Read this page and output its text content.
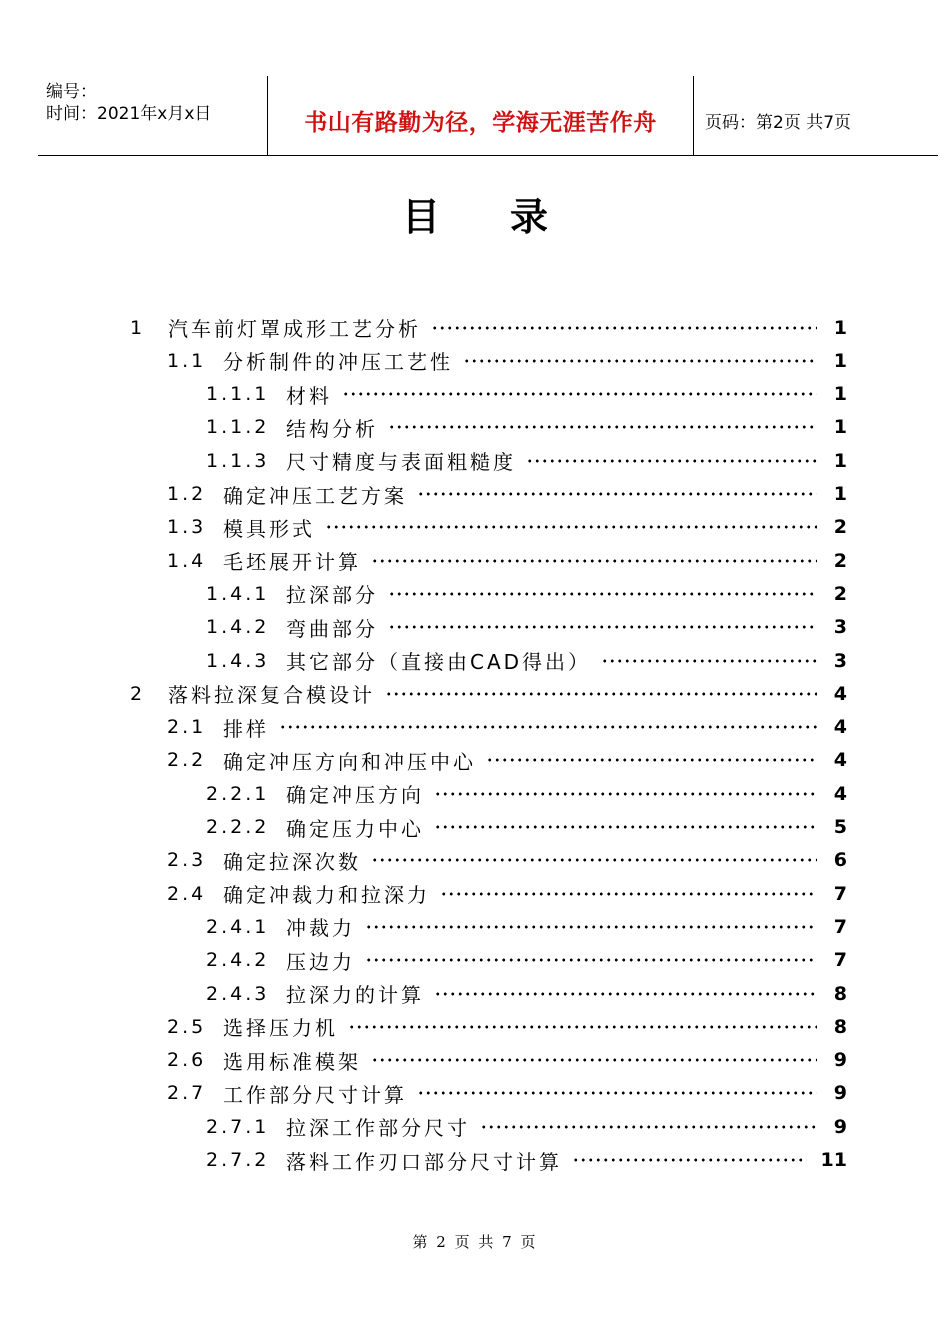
编号：
时间：2021年x月x日	书山有路勤为径，学海无涯苦作舟	页码：第2页 共7页
目录
1	汽车前灯罩成形工艺分析	1
1.1 分析制件的冲压工艺性	1
1.1.1 材料	1
1.1.2 结构分析	1
1.1.3 尺寸精度与表面粗糙度	1
1.2 确定冲压工艺方案	1
1.3 模具形式	2
1.4 毛坯展开计算	2
1.4.1 拉深部分	2
1.4.2 弯曲部分	3
1.4.3 其它部分（直接由CAD得出）	3
2	落料拉深复合模设计	4
2.1 排样	4
2.2 确定冲压方向和冲压中心	4
2.2.1 确定冲压方向	4
2.2.2 确定压力中心	5
2.3 确定拉深次数	6
2.4 确定冲裁力和拉深力	7
2.4.1 冲裁力	7
2.4.2 压边力	7
2.4.3 拉深力的计算	8
2.5 选择压力机	8
2.6 选用标准模架	9
2.7 工作部分尺寸计算	9
2.7.1 拉深工作部分尺寸	9
2.7.2 落料工作刃口部分尺寸计算	11
第 2 页 共 7 页
